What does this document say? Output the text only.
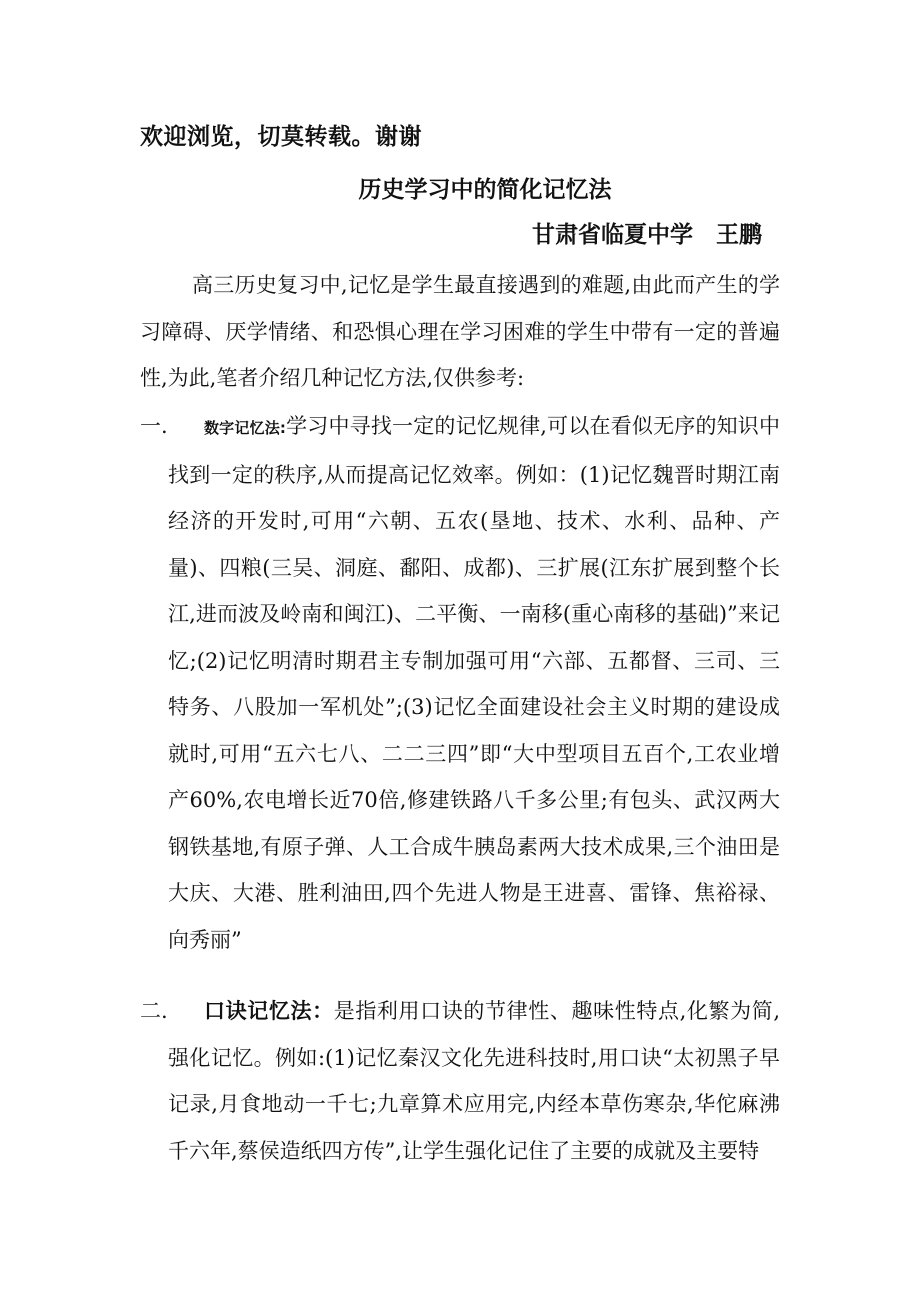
欢迎浏览，切莫转载。谢谢
历史学习中的简化记忆法
甘肃省临夏中学　王鹏
高三历史复习中,记忆是学生最直接遇到的难题,由此而产生的学习障碍、厌学情绪、和恐惧心理在学习困难的学生中带有一定的普遍性,为此,笔者介绍几种记忆方法,仅供参考:
一.	数字记忆法:学习中寻找一定的记忆规律,可以在看似无序的知识中找到一定的秩序,从而提高记忆效率。例如：(1)记忆魏晋时期江南经济的开发时,可用“六朝、五农(垦地、技术、水利、品种、产量)、四粮(三吴、洞庭、鄱阳、成都)、三扩展(江东扩展到整个长江,进而波及岭南和闽江)、二平衡、一南移(重心南移的基础)”来记忆;(2)记忆明清时期君主专制加强可用“六部、五都督、三司、三特务、八股加一军机处”;(3)记忆全面建设社会主义时期的建设成就时,可用“五六七八、二二三四”即“大中型项目五百个,工农业增产60%,农电增长近70倍,修建铁路八千多公里;有包头、武汉两大钢铁基地,有原子弹、人工合成牛胰岛素两大技术成果,三个油田是大庆、大港、胜利油田,四个先进人物是王进喜、雷锋、焦裕禄、向秀丽”
二.	口诀记忆法：是指利用口诀的节律性、趣味性特点,化繁为简,强化记忆。例如:(1)记忆秦汉文化先进科技时,用口诀“太初黑子早记录,月食地动一千七;九章算术应用完,内经本草伤寒杂,华佗麻沸千六年,蔡侯造纸四方传”,让学生强化记住了主要的成就及主要特
